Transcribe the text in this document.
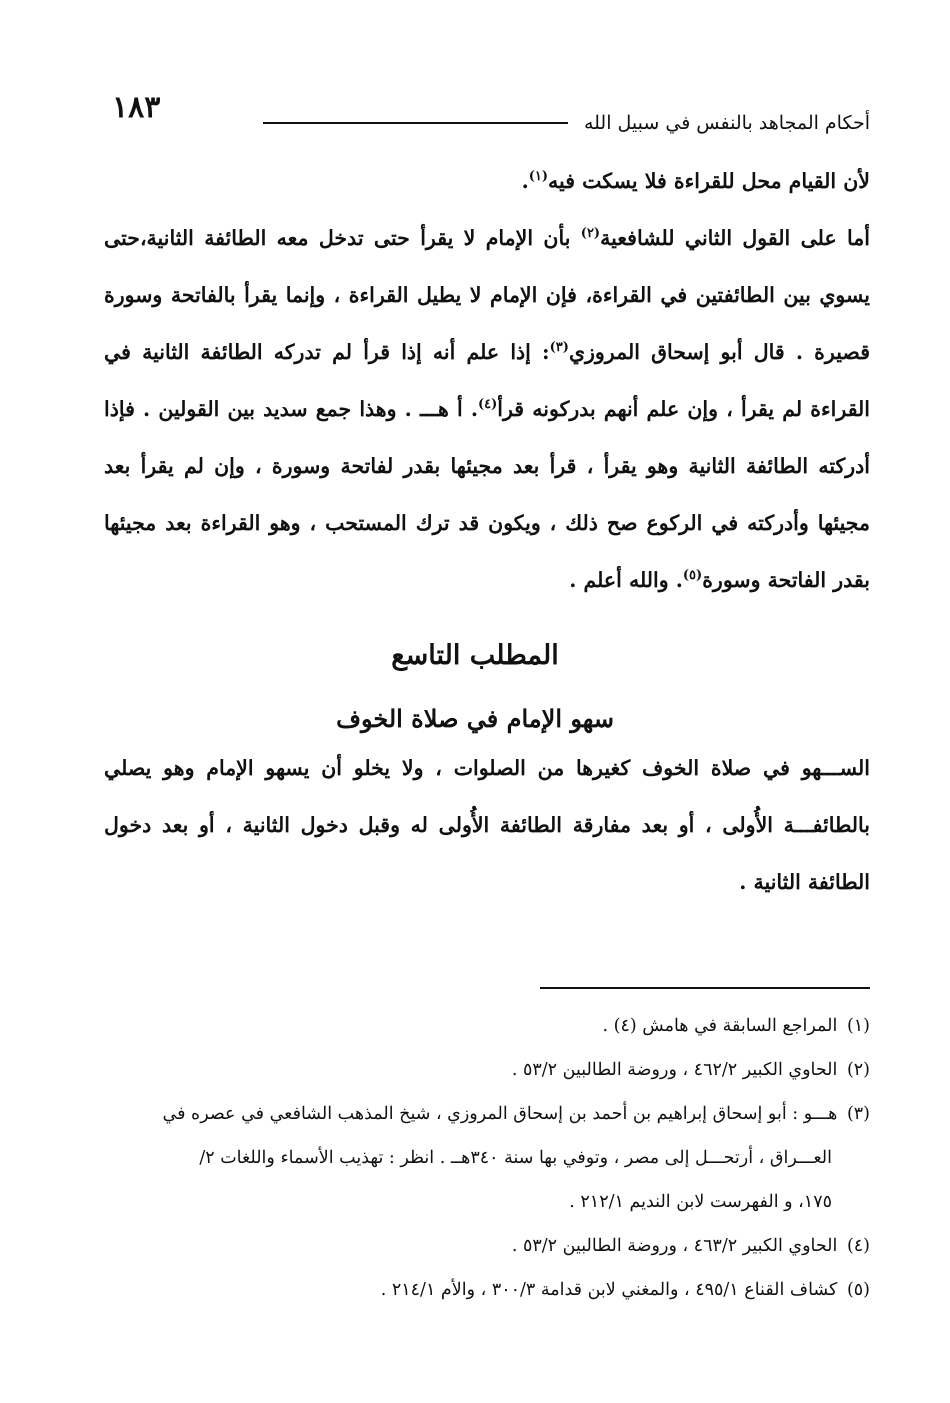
١٨٣	أحكام المجاهد بالنفس في سبيل الله

لأن القيام محل للقراءة فلا يسكت فيه$^{(١)}$.

أما على القول الثاني للشافعية$^{(٢)}$ بأن الإمام لا يقرأ حتى تدخل معه الطائفة الثانية،حتى يسوي بين الطائفتين في القراءة، فإن الإمام لا يطيل القراءة ، وإنما يقرأ بالفاتحة وسورة قصيرة . قال أبو إسحاق المروزي$^{(٣)}$: إذا علم أنه إذا قرأ لم تدركه الطائفة الثانية في القراءة لم يقرأ ، وإن علم أنهم بدركونه قرأ$^{(٤)}$. أ هـــ . وهذا جمع سديد بين القولين . فإذا أدركته الطائفة الثانية وهو يقرأ ، قرأ بعد مجيئها بقدر لفاتحة وسورة ، وإن لم يقرأ بعد مجيئها وأدركته في الركوع صح ذلك ، ويكون قد ترك المستحب ، وهو القراءة بعد مجيئها بقدر الفاتحة وسورة$^{(٥)}$. والله أعلم .

المطلب التاسع
سهو الإمام في صلاة الخوف

الســـهو في صلاة الخوف كغيرها من الصلوات ، ولا يخلو أن يسهو الإمام وهو يصلي بالطائفـــة الأُولى ، أو بعد مفارقة الطائفة الأُولى له وقبل دخول الثانية ، أو بعد دخول الطائفة الثانية .

(١) المراجع السابقة في هامش (٤) .
(٢) الحاوي الكبير ٤٦٢/٢ ، وروضة الطالبين ٥٣/٢ .
(٣) هـــو : أبو إسحاق إبراهيم بن أحمد بن إسحاق المروزي ، شيخ المذهب الشافعي في عصره في
العـــراق ، أرتحـــل إلى مصر ، وتوفي بها سنة ٣٤٠هــ . انظر : تهذيب الأسماء واللغات ٢/
١٧٥، و الفهرست لابن النديم ٢١٢/١ .
(٤) الحاوي الكبير ٤٦٣/٢ ، وروضة الطالبين ٥٣/٢ .
(٥) كشاف القناع ٤٩٥/١ ، والمغني لابن قدامة ٣٠٠/٣ ، والأم ٢١٤/١ .
